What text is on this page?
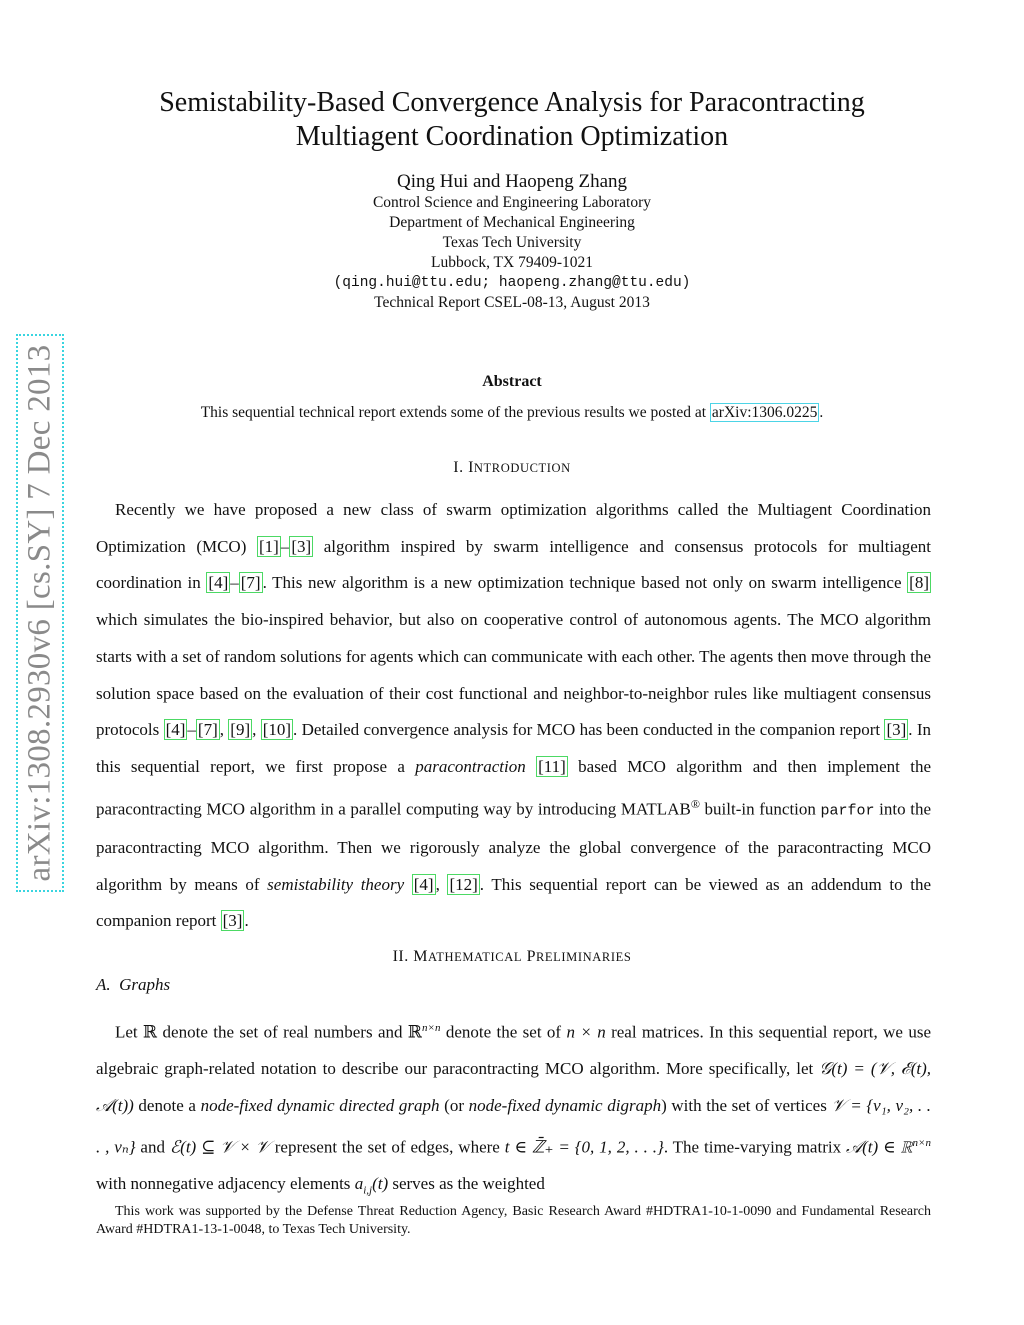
arXiv:1308.2930v6 [cs.SY] 7 Dec 2013
Semistability-Based Convergence Analysis for Paracontracting
Multiagent Coordination Optimization
Qing Hui and Haopeng Zhang
Control Science and Engineering Laboratory
Department of Mechanical Engineering
Texas Tech University
Lubbock, TX 79409-1021
(qing.hui@ttu.edu; haopeng.zhang@ttu.edu)
Technical Report CSEL-08-13, August 2013
Abstract
This sequential technical report extends some of the previous results we posted at arXiv:1306.0225 .
I. INTRODUCTION

Recently we have proposed a new class of swarm optimization algorithms called the Multiagent Coordination Optimization (MCO) [1] – [3] algorithm inspired by swarm intelligence and consensus protocols for multiagent coordination in [4] – [7] . This new algorithm is a new optimization technique based not only on swarm intelligence [8] which simulates the bio-inspired behavior, but also on cooperative control of autonomous agents. The MCO algorithm starts with a set of random solutions for agents which can communicate with each other. The agents then move through the solution space based on the evaluation of their cost functional and neighbor-to-neighbor rules like multiagent consensus protocols [4] – [7] , [9] , [10] . Detailed convergence analysis for MCO has been conducted in the companion report [3] . In this sequential report, we first propose a paracontraction [11] based MCO algorithm and then implement the paracontracting MCO algorithm in a parallel computing way by introducing MATLAB® built-in function parfor into the paracontracting MCO algorithm. Then we rigorously analyze the global convergence of the paracontracting MCO algorithm by means of semistability theory [4] , [12] . This sequential report can be viewed as an addendum to the companion report [3] .

II. MATHEMATICAL PRELIMINARIES
A. Graphs

Let ℝ denote the set of real numbers and ℝ$^{n\times n}$ denote the set of n × n real matrices. In this sequential report, we use algebraic graph-related notation to describe our paracontracting MCO algorithm. More specifically, let 𝒢(t) = (𝒱, ℰ(t), 𝒜(t)) denote a node-fixed dynamic directed graph (or node-fixed dynamic digraph) with the set of vertices 𝒱 = {v₁, v₂, . . . , vₙ} and ℰ(t) ⊆ 𝒱 × 𝒱 represent the set of edges, where t ∈ ℤ̄₊ = {0, 1, 2, . . .}. The time-varying matrix 𝒜(t) ∈ ℝ$^{n\times n}$ with nonnegative adjacency elements $a_{i,j}(t)$ serves as the weighted

This work was supported by the Defense Threat Reduction Agency, Basic Research Award #HDTRA1-10-1-0090 and Fundamental Research Award #HDTRA1-13-1-0048, to Texas Tech University.
